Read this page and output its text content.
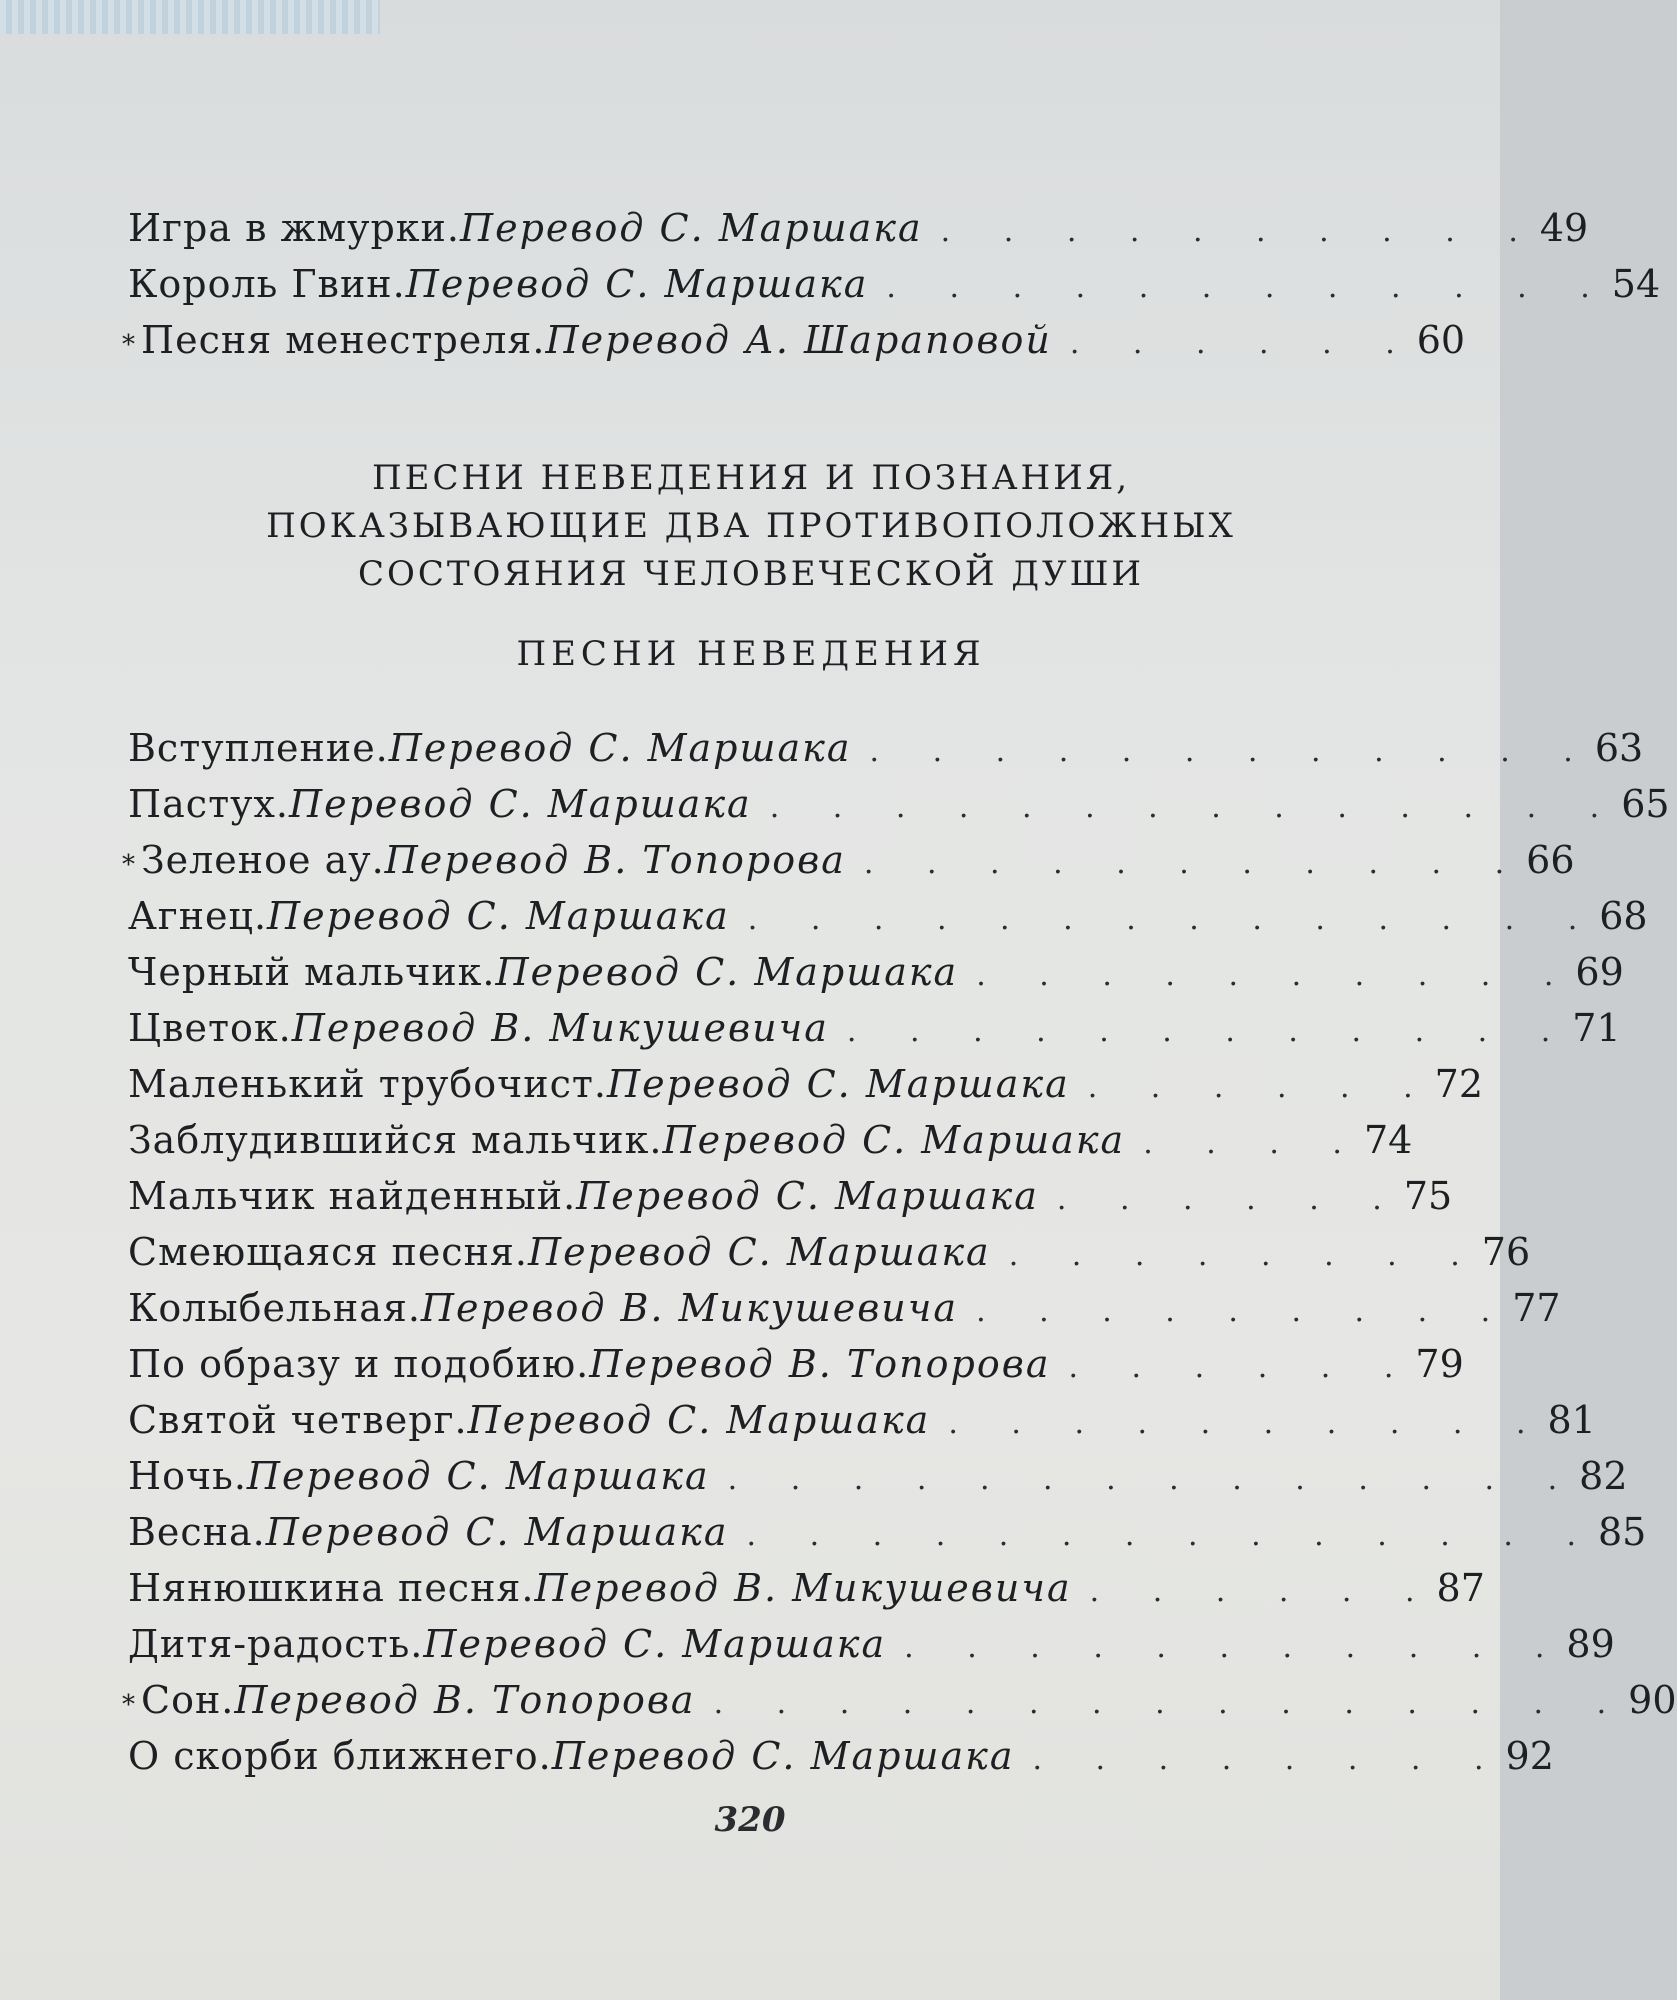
Игра в жмурки. Перевод С. Маршака . . . . . . . . . . 49
Король Гвин. Перевод С. Маршака . . . . . . . . . . . . 54
* Песня менестреля. Перевод А. Шараповой . . . . . . 60

ПЕСНИ НЕВЕДЕНИЯ И ПОЗНАНИЯ,

ПОКАЗЫВАЮЩИЕ ДВА ПРОТИВОПОЛОЖНЫХ

СОСТОЯНИЯ ЧЕЛОВЕЧЕСКОЙ ДУШИ

ПЕСНИ НЕВЕДЕНИЯ

Вступление. Перевод С. Маршака . . . . . . . . . . . . 63
Пастух. Перевод С. Маршака . . . . . . . . . . . . . . 65
* Зеленое ау. Перевод В. Топорова . . . . . . . . . . . 66
Агнец. Перевод С. Маршака . . . . . . . . . . . . . . 68
Черный мальчик. Перевод С. Маршака . . . . . . . . . . 69
Цветок. Перевод В. Микушевича . . . . . . . . . . . . 71
Маленький трубочист. Перевод С. Маршака . . . . . . 72
Заблудившийся мальчик. Перевод С. Маршака . . . . 74
Мальчик найденный. Перевод С. Маршака . . . . . . 75
Смеющаяся песня. Перевод С. Маршака . . . . . . . . 76
Колыбельная. Перевод В. Микушевича . . . . . . . . . 77
По образу и подобию. Перевод В. Топорова . . . . . . 79
Святой четверг. Перевод С. Маршака . . . . . . . . . . 81
Ночь. Перевод С. Маршака . . . . . . . . . . . . . . 82
Весна. Перевод С. Маршака . . . . . . . . . . . . . . 85
Нянюшкина песня. Перевод В. Микушевича . . . . . . 87
Дитя-радость. Перевод С. Маршака . . . . . . . . . . . 89
* Сон. Перевод В. Топорова . . . . . . . . . . . . . . . 90
О скорби ближнего. Перевод С. Маршака . . . . . . . . 92
320
